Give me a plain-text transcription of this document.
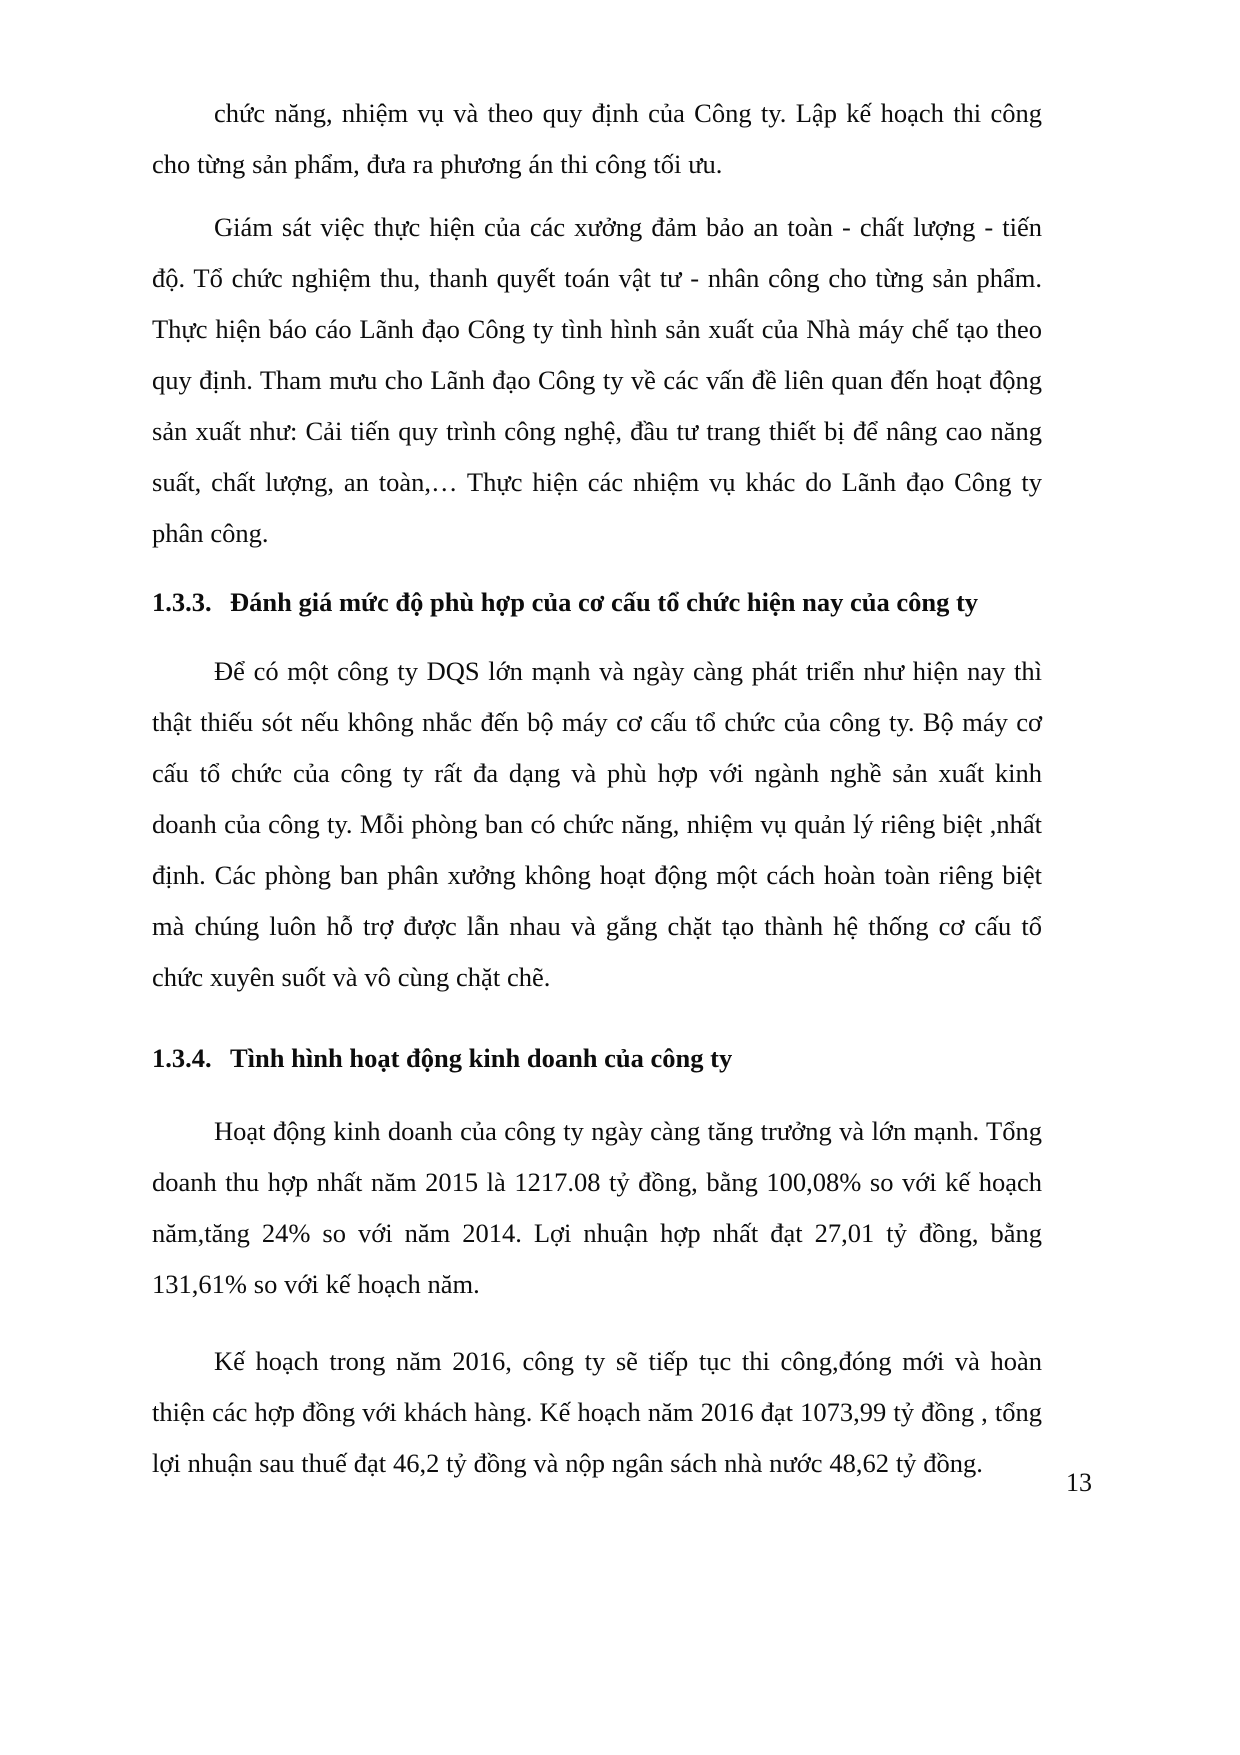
chức năng, nhiệm vụ và theo quy định của Công ty. Lập kế hoạch thi công cho từng sản phẩm, đưa ra phương án thi công tối ưu.

Giám sát việc thực hiện của các xưởng đảm bảo an toàn - chất lượng - tiến độ. Tổ chức nghiệm thu, thanh quyết toán vật tư - nhân công cho từng sản phẩm. Thực hiện báo cáo Lãnh đạo Công ty tình hình sản xuất của Nhà máy chế tạo theo quy định. Tham mưu cho Lãnh đạo Công ty về các vấn đề liên quan đến hoạt động sản xuất như: Cải tiến quy trình công nghệ, đầu tư trang thiết bị để nâng cao năng suất, chất lượng, an toàn,… Thực hiện các nhiệm vụ khác do Lãnh đạo Công ty phân công.

1.3.3. Đánh giá mức độ phù hợp của cơ cấu tổ chức hiện nay của công ty

Để có một công ty DQS lớn mạnh và ngày càng phát triển như hiện nay thì thật thiếu sót nếu không nhắc đến bộ máy cơ cấu tổ chức của công ty. Bộ máy cơ cấu tổ chức của công ty rất đa dạng và phù hợp với ngành nghề sản xuất kinh doanh của công ty. Mỗi phòng ban có chức năng, nhiệm vụ quản lý riêng biệt ,nhất định. Các phòng ban phân xưởng không hoạt động một cách hoàn toàn riêng biệt mà chúng luôn hỗ trợ được lẫn nhau và gắng chặt tạo thành hệ thống cơ cấu tổ chức xuyên suốt và vô cùng chặt chẽ.

1.3.4. Tình hình hoạt động kinh doanh của công ty

Hoạt động kinh doanh của công ty ngày càng tăng trưởng và lớn mạnh. Tổng doanh thu hợp nhất năm 2015 là 1217.08 tỷ đồng, bằng 100,08% so với kế hoạch năm,tăng 24% so với năm 2014. Lợi nhuận hợp nhất đạt 27,01 tỷ đồng, bằng 131,61% so với kế hoạch năm.

Kế hoạch trong năm 2016, công ty sẽ tiếp tục thi công,đóng mới và hoàn thiện các hợp đồng với khách hàng. Kế hoạch năm 2016 đạt 1073,99 tỷ đồng , tổng lợi nhuận sau thuế đạt 46,2 tỷ đồng và nộp ngân sách nhà nước 48,62 tỷ đồng.

13
